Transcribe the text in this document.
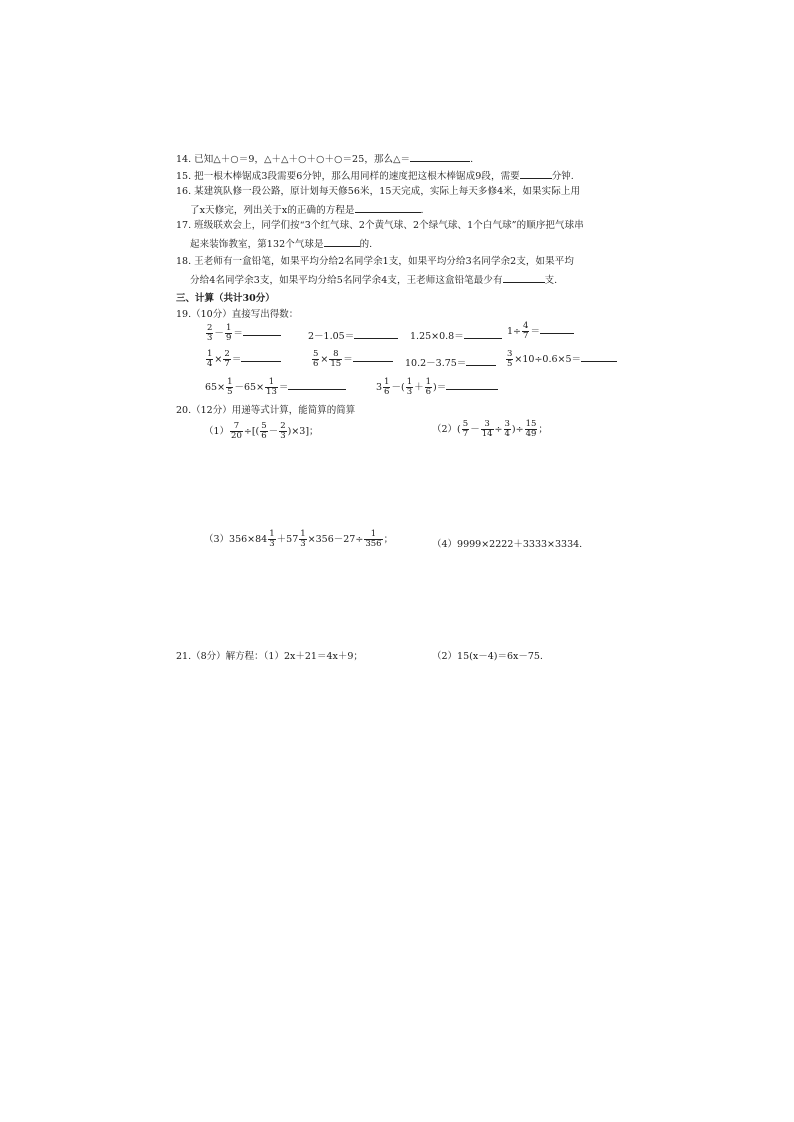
14. 已知△＋○＝9，△＋△＋○＋○＋○＝25，那么△＝	.
15. 把一根木棒锯成3段需要6分钟，那么用同样的速度把这根木棒锯成9段，需要	分钟.
16. 某建筑队修一段公路，原计划每天修56米，15天完成，实际上每天多修4米，如果实际上用
了x天修完，列出关于x的正确的方程是	.
17. 班级联欢会上，同学们按“3个红气球、2个黄气球、2个绿气球、1个白气球”的顺序把气球串
起来装饰教室，第132个气球是	的.
18. 王老师有一盒铅笔，如果平均分给2名同学余1支，如果平均分给3名同学余2支，如果平均
分给4名同学余3支，如果平均分给5名同学余4支，王老师这盒铅笔最少有	支.
三、计算（共计30分）
19.（10分）直接写出得数：
$\frac{2}{3} - \frac{1}{9}$ ＝	2－1.05＝	1.25×0.8＝	$1\div \frac{4}{7}$ ＝
$\frac{1}{4} \times \frac{2}{7}$ ＝	$\frac{5}{6} \times \frac{8}{15}$ ＝	10.2－3.75＝	$\frac{3}{5} \times 10\div 0.6\times 5=$
$65\times \frac{1}{5} -65\times \frac{1}{13}$ ＝	$3 \frac{1}{6}$ －( $\frac{1}{3} + \frac{1}{6}$ )＝
20.（12分）用递等式计算，能简算的简算
$(1) \frac{7}{20}$ ÷[( $\frac{5}{6} - \frac{2}{3} )\times 3$]；	$(2)( \frac{5}{7} - \frac{3}{14} \div \frac{3}{4}$ )÷ $\frac{15}{49}$ ；
$(3)356\times 84 \frac{1}{3} +57 \frac{1}{3} \times 356-27\div \frac{1}{356}$ ；	（4）9999×2222＋3333×3334.
21.（8分）解方程：（1）2x＋21＝4x＋9；	（2）15(x－4)＝6x－75.
